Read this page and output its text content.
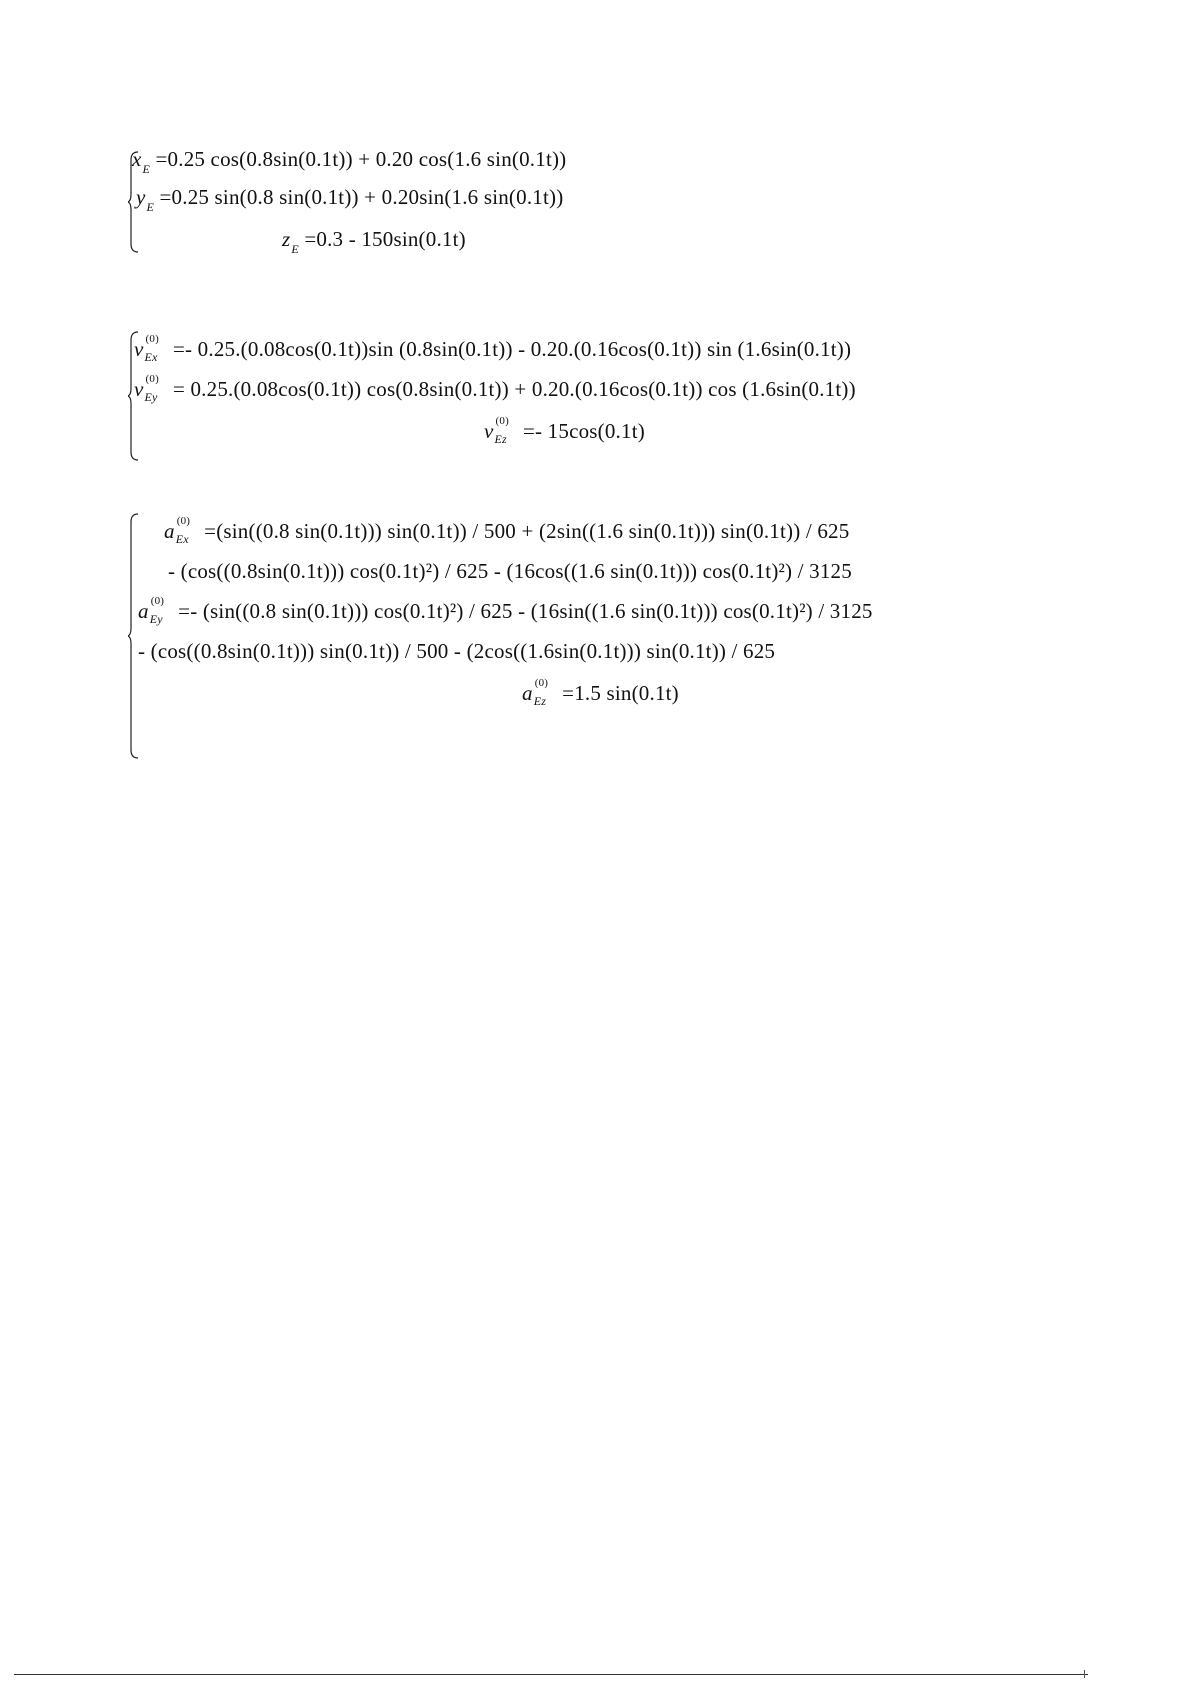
$x_E =0.25$ cos(0.8sin(0.1t)) + 0.20 cos(1.6 sin(0.1t))
$y_E =0.25$ sin(0.8 sin(0.1t)) + 0.20sin(1.6 sin(0.1t))
$z_E =0.3 - 150\sin(0.1t)$
v (0)
Ex =- 0.25.(0.08cos(0.1t))sin (0.8sin(0.1t)) - 0.20.(0.16cos(0.1t)) sin (1.6sin(0.1t))
v (0)
Ey = 0.25.(0.08cos(0.1t)) cos(0.8sin(0.1t)) + 0.20.(0.16cos(0.1t)) cos (1.6sin(0.1t))
v (0)
Ez =- 15cos(0.1t)
a (0)
Ex =(sin((0.8 sin(0.1t))) sin(0.1t)) / 500 + (2sin((1.6 sin(0.1t))) sin(0.1t)) / 625
- (cos((0.8sin(0.1t))) cos(0.1t)²) / 625 - (16cos((1.6 sin(0.1t))) cos(0.1t)²) / 3125
a (0)
Ey =- (sin((0.8 sin(0.1t))) cos(0.1t)²) / 625 - (16sin((1.6 sin(0.1t))) cos(0.1t)²) / 3125
- (cos((0.8sin(0.1t))) sin(0.1t)) / 500 - (2cos((1.6sin(0.1t))) sin(0.1t)) / 625
a (0)
Ez =1.5 sin(0.1t)
